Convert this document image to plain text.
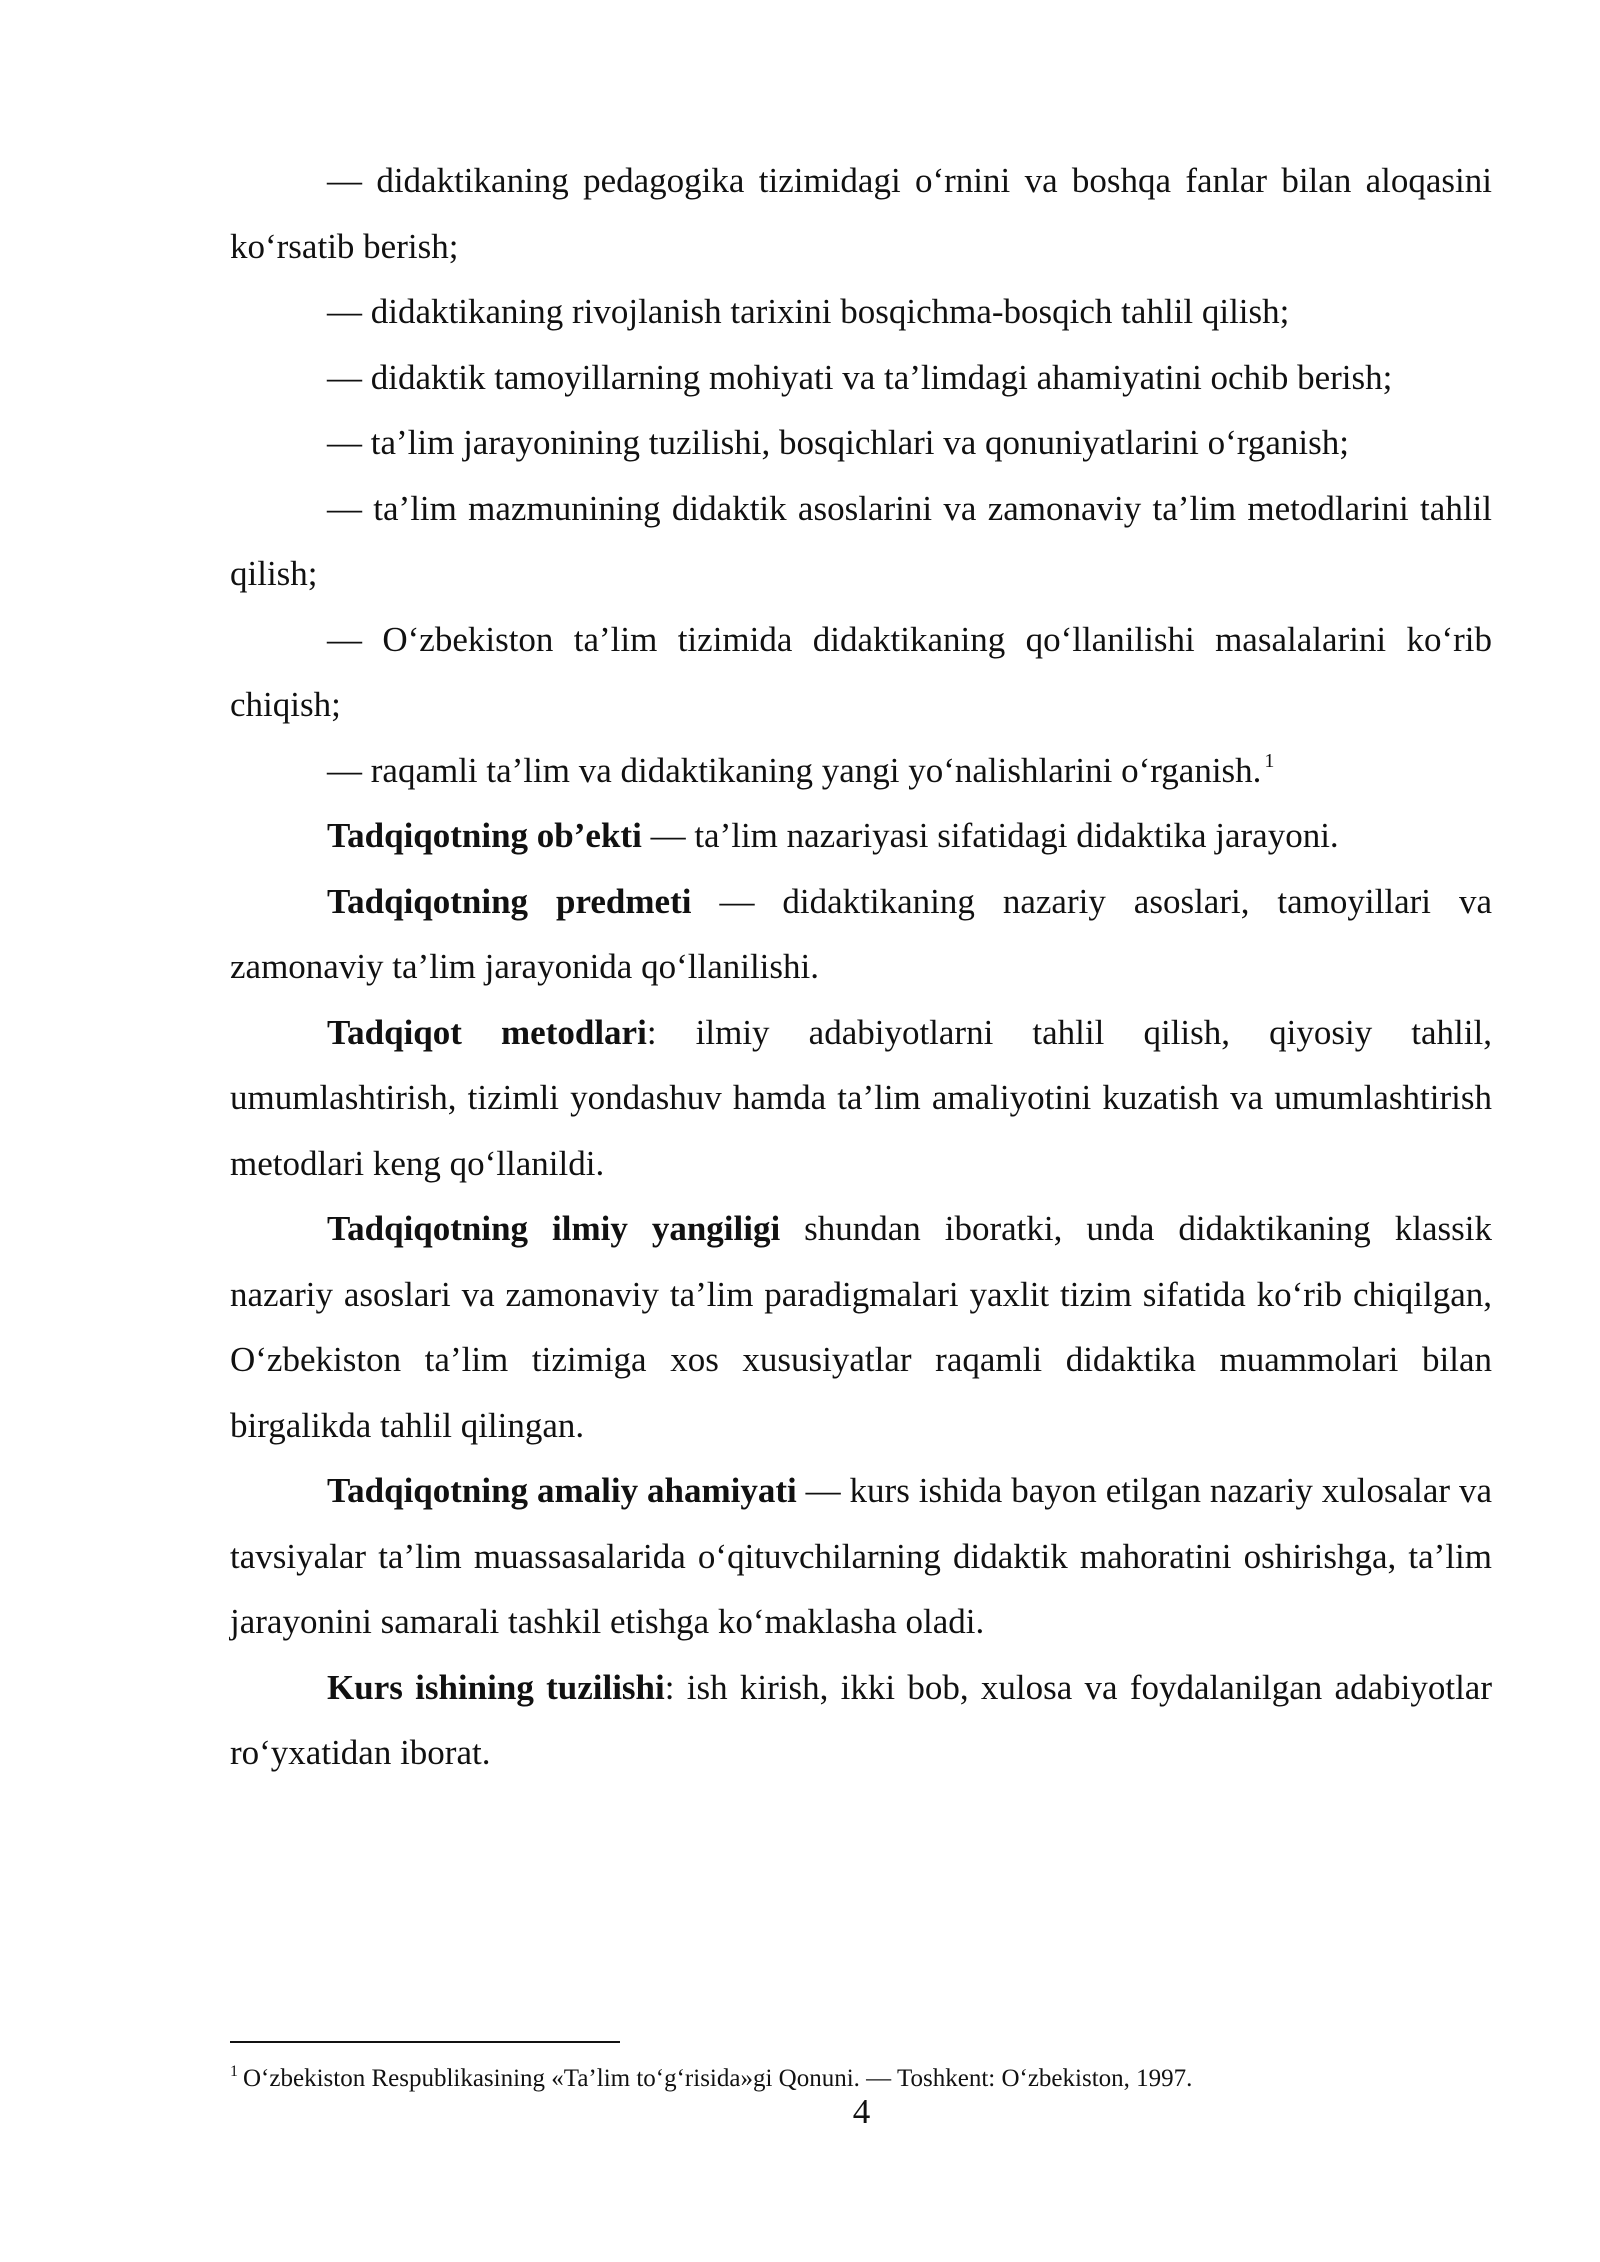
— didaktikaning pedagogika tizimidagi o‘rnini va boshqa fanlar bilan aloqasini ko‘rsatib berish;

— didaktikaning rivojlanish tarixini bosqichma-bosqich tahlil qilish;

— didaktik tamoyillarning mohiyati va ta’limdagi ahamiyatini ochib berish;

— ta’lim jarayonining tuzilishi, bosqichlari va qonuniyatlarini o‘rganish;

— ta’lim mazmunining didaktik asoslarini va zamonaviy ta’lim metodlarini tahlil qilish;

— O‘zbekiston ta’lim tizimida didaktikaning qo‘llanilishi masalalarini ko‘rib chiqish;

— raqamli ta’lim va didaktikaning yangi yo‘nalishlarini o‘rganish. $^1$

Tadqiqotning ob’ekti — ta’lim nazariyasi sifatidagi didaktika jarayoni.

Tadqiqotning predmeti — didaktikaning nazariy asoslari, tamoyillari va zamonaviy ta’lim jarayonida qo‘llanilishi.

Tadqiqot metodlari: ilmiy adabiyotlarni tahlil qilish, qiyosiy tahlil, umumlashtirish, tizimli yondashuv hamda ta’lim amaliyotini kuzatish va umumlashtirish metodlari keng qo‘llanildi.

Tadqiqotning ilmiy yangiligi shundan iboratki, unda didaktikaning klassik nazariy asoslari va zamonaviy ta’lim paradigmalari yaxlit tizim sifatida ko‘rib chiqilgan, O‘zbekiston ta’lim tizimiga xos xususiyatlar raqamli didaktika muammolari bilan birgalikda tahlil qilingan.

Tadqiqotning amaliy ahamiyati — kurs ishida bayon etilgan nazariy xulosalar va tavsiyalar ta’lim muassasalarida o‘qituvchilarning didaktik mahoratini oshirishga, ta’lim jarayonini samarali tashkil etishga ko‘maklasha oladi.

Kurs ishining tuzilishi: ish kirish, ikki bob, xulosa va foydalanilgan adabiyotlar ro‘yxatidan iborat.

$^1$ O‘zbekiston Respublikasining «Ta’lim to‘g‘risida»gi Qonuni. — Toshkent: O‘zbekiston, 1997.

4
